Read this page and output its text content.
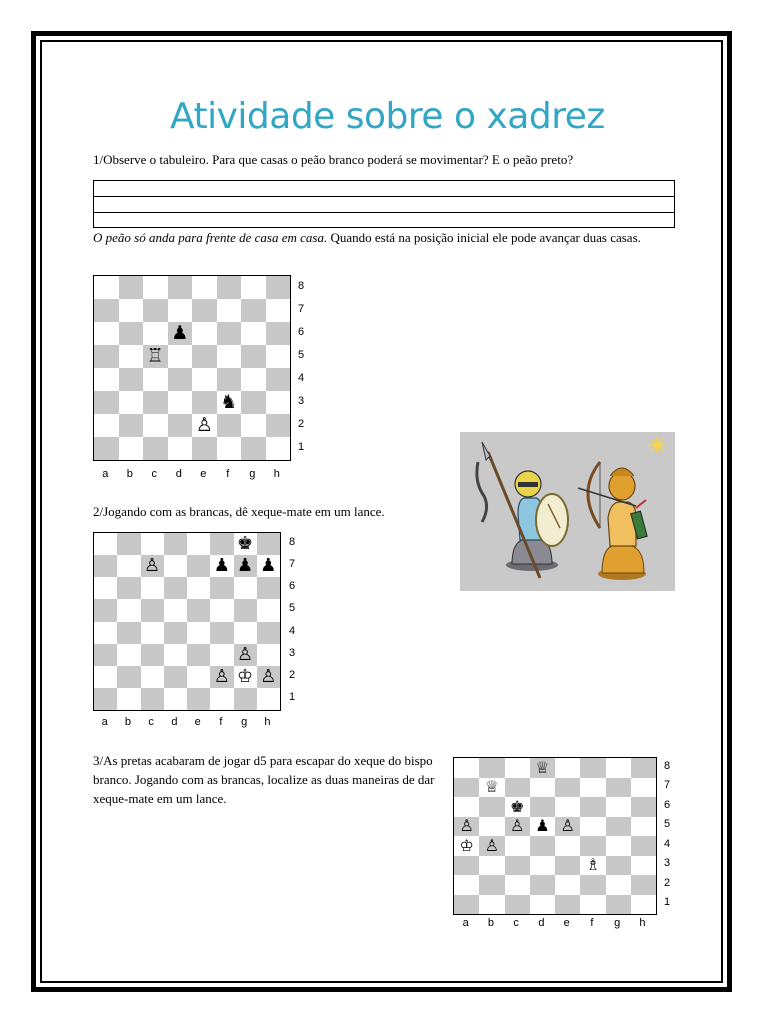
Atividade sobre o xadrez
1/Observe o tabuleiro. Para que casas o peão branco poderá se movimentar? E o peão preto?
O peão só anda para frente de casa em casa. Quando está na posição inicial ele pode avançar duas casas.
♟
♖
♞
♙
8
7
6
5
4
3
2
1
a b c d e f g h
2/Jogando com as brancas, dê xeque-mate em um lance.
♚
♙	♟ ♟ ♟
♙
♙ ♔ ♙
8
7
6
5
4
3
2
1
a b c d e f g h
3/As pretas acabaram de jogar d5 para escapar do xeque do bispo branco. Jogando com as brancas, localize as duas maneiras de dar xeque-mate em um lance.
♕
♕
♚
♙ ♙ ♟ ♙
♔ ♙
♗
8
7
6
5
4
3
2
1
a b c d e f g h
